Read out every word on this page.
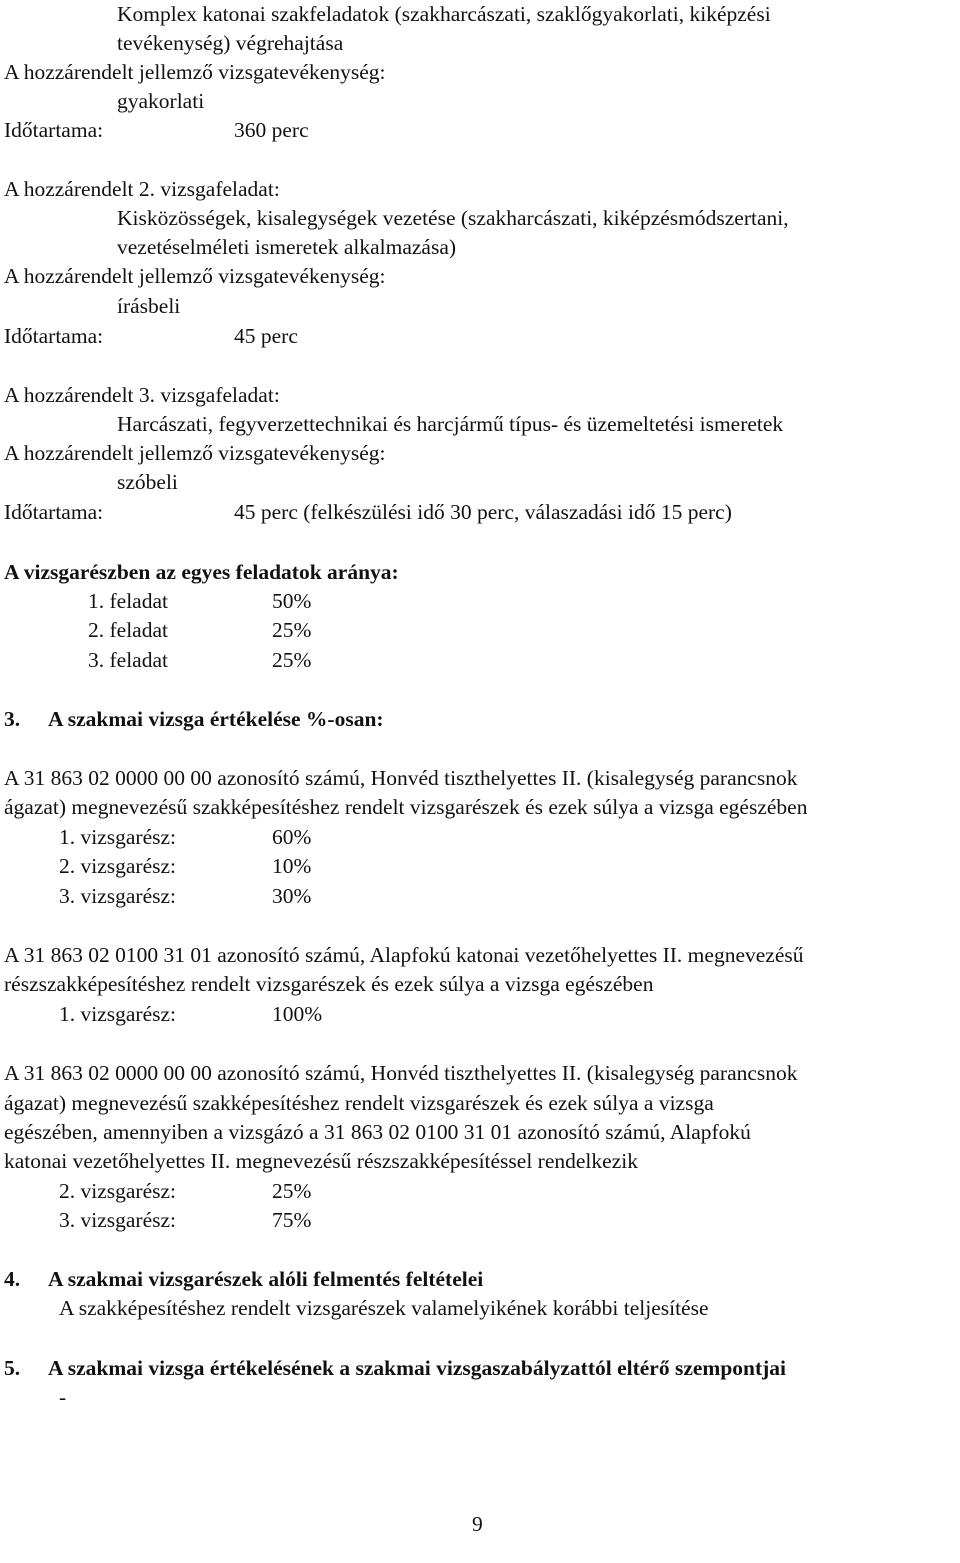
Komplex katonai szakfeladatok (szakharcászati, szaklőgyakorlati, kiképzési
tevékenység) végrehajtása
A hozzárendelt jellemző vizsgatevékenység:
gyakorlati
Időtartama:	360 perc
A hozzárendelt 2. vizsgafeladat:
Kisközösségek, kisalegységek vezetése (szakharcászati, kiképzésmódszertani,
vezetéselméleti ismeretek alkalmazása)
A hozzárendelt jellemző vizsgatevékenység:
írásbeli
Időtartama:	45 perc
A hozzárendelt 3. vizsgafeladat:
Harcászati, fegyverzettechnikai és harcjármű típus- és üzemeltetési ismeretek
A hozzárendelt jellemző vizsgatevékenység:
szóbeli
Időtartama:	45 perc (felkészülési idő 30 perc, válaszadási idő 15 perc)
A vizsgarészben az egyes feladatok aránya:
1. feladat	50%
2. feladat	25%
3. feladat	25%
3. A szakmai vizsga értékelése %-osan:
A 31 863 02 0000 00 00 azonosító számú, Honvéd tiszthelyettes II. (kisalegység parancsnok
ágazat) megnevezésű szakképesítéshez rendelt vizsgarészek és ezek súlya a vizsga egészében
1. vizsgarész:	60%
2. vizsgarész:	10%
3. vizsgarész:	30%
A 31 863 02 0100 31 01 azonosító számú, Alapfokú katonai vezetőhelyettes II. megnevezésű
részszakképesítéshez rendelt vizsgarészek és ezek súlya a vizsga egészében
1. vizsgarész:	100%
A 31 863 02 0000 00 00 azonosító számú, Honvéd tiszthelyettes II. (kisalegység parancsnok
ágazat) megnevezésű szakképesítéshez rendelt vizsgarészek és ezek súlya a vizsga
egészében, amennyiben a vizsgázó a 31 863 02 0100 31 01 azonosító számú, Alapfokú
katonai vezetőhelyettes II. megnevezésű részszakképesítéssel rendelkezik
2. vizsgarész:	25%
3. vizsgarész:	75%
4. A szakmai vizsgarészek alóli felmentés feltételei
A szakképesítéshez rendelt vizsgarészek valamelyikének korábbi teljesítése
5. A szakmai vizsga értékelésének a szakmai vizsgaszabályzattól eltérő szempontjai
-
9
